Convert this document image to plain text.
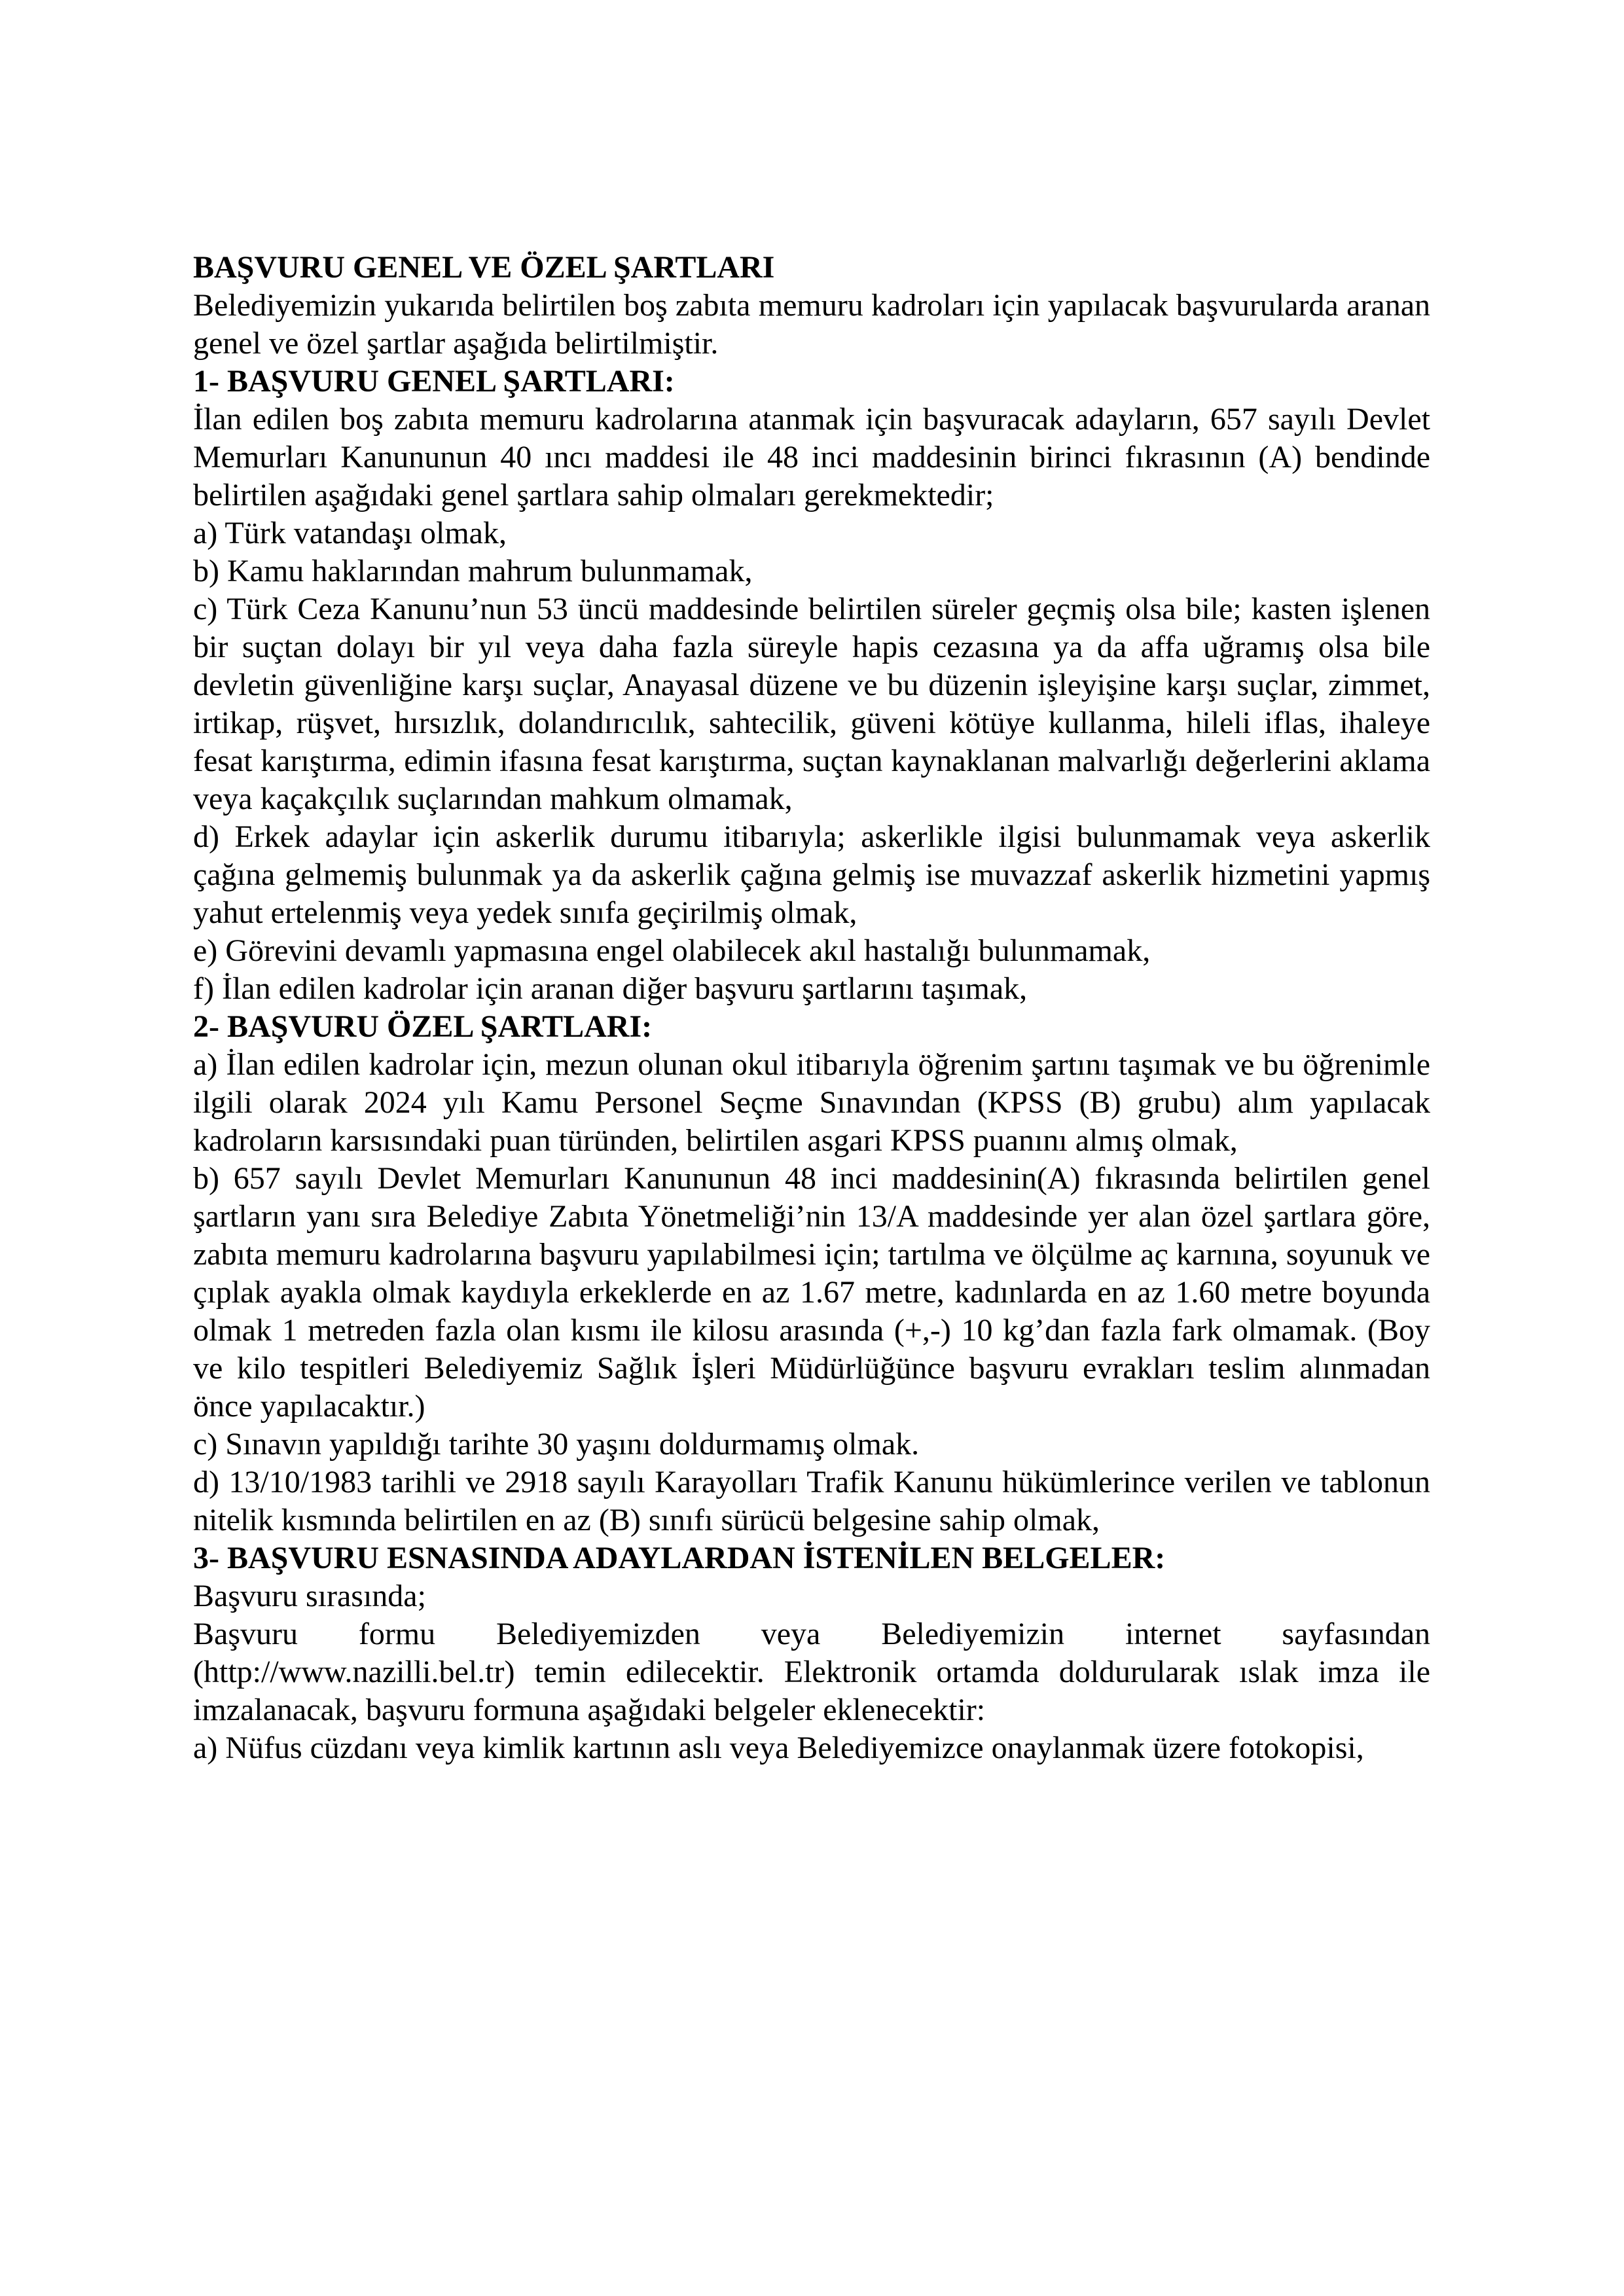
BAŞVURU GENEL VE ÖZEL ŞARTLARI

Belediyemizin yukarıda belirtilen boş zabıta memuru kadroları için yapılacak başvurularda aranan genel ve özel şartlar aşağıda belirtilmiştir.

1- BAŞVURU GENEL ŞARTLARI:

İlan edilen boş zabıta memuru kadrolarına atanmak için başvuracak adayların, 657 sayılı Devlet Memurları Kanununun 40 ıncı maddesi ile 48 inci maddesinin birinci fıkrasının (A) bendinde belirtilen aşağıdaki genel şartlara sahip olmaları gerekmektedir;

a) Türk vatandaşı olmak,

b) Kamu haklarından mahrum bulunmamak,

c) Türk Ceza Kanunu’nun 53 üncü maddesinde belirtilen süreler geçmiş olsa bile; kasten işlenen bir suçtan dolayı bir yıl veya daha fazla süreyle hapis cezasına ya da affa uğramış olsa bile devletin güvenliğine karşı suçlar, Anayasal düzene ve bu düzenin işleyişine karşı suçlar, zimmet, irtikap, rüşvet, hırsızlık, dolandırıcılık, sahtecilik, güveni kötüye kullanma, hileli iflas, ihaleye fesat karıştırma, edimin ifasına fesat karıştırma, suçtan kaynaklanan malvarlığı değerlerini aklama veya kaçakçılık suçlarından mahkum olmamak,

d) Erkek adaylar için askerlik durumu itibarıyla; askerlikle ilgisi bulunmamak veya askerlik çağına gelmemiş bulunmak ya da askerlik çağına gelmiş ise muvazzaf askerlik hizmetini yapmış yahut ertelenmiş veya yedek sınıfa geçirilmiş olmak,

e) Görevini devamlı yapmasına engel olabilecek akıl hastalığı bulunmamak,

f) İlan edilen kadrolar için aranan diğer başvuru şartlarını taşımak,

2- BAŞVURU ÖZEL ŞARTLARI:

a) İlan edilen kadrolar için, mezun olunan okul itibarıyla öğrenim şartını taşımak ve bu öğrenimle ilgili olarak 2024 yılı Kamu Personel Seçme Sınavından (KPSS (B) grubu) alım yapılacak kadroların karsısındaki puan türünden, belirtilen asgari KPSS puanını almış olmak,

b) 657 sayılı Devlet Memurları Kanununun 48 inci maddesinin(A) fıkrasında belirtilen genel şartların yanı sıra Belediye Zabıta Yönetmeliği’nin 13/A maddesinde yer alan özel şartlara göre, zabıta memuru kadrolarına başvuru yapılabilmesi için; tartılma ve ölçülme aç karnına, soyunuk ve çıplak ayakla olmak kaydıyla erkeklerde en az 1.67 metre, kadınlarda en az 1.60 metre boyunda olmak 1 metreden fazla olan kısmı ile kilosu arasında (+,-) 10 kg’dan fazla fark olmamak. (Boy ve kilo tespitleri Belediyemiz Sağlık İşleri Müdürlüğünce başvuru evrakları teslim alınmadan önce yapılacaktır.)

c) Sınavın yapıldığı tarihte 30 yaşını doldurmamış olmak.

d) 13/10/1983 tarihli ve 2918 sayılı Karayolları Trafik Kanunu hükümlerince verilen ve tablonun nitelik kısmında belirtilen en az (B) sınıfı sürücü belgesine sahip olmak,

3- BAŞVURU ESNASINDA ADAYLARDAN İSTENİLEN BELGELER:

Başvuru sırasında;

Başvuru formu Belediyemizden veya Belediyemizin internet sayfasından (http://www.nazilli.bel.tr) temin edilecektir. Elektronik ortamda doldurularak ıslak imza ile imzalanacak, başvuru formuna aşağıdaki belgeler eklenecektir:

a) Nüfus cüzdanı veya kimlik kartının aslı veya Belediyemizce onaylanmak üzere fotokopisi,
